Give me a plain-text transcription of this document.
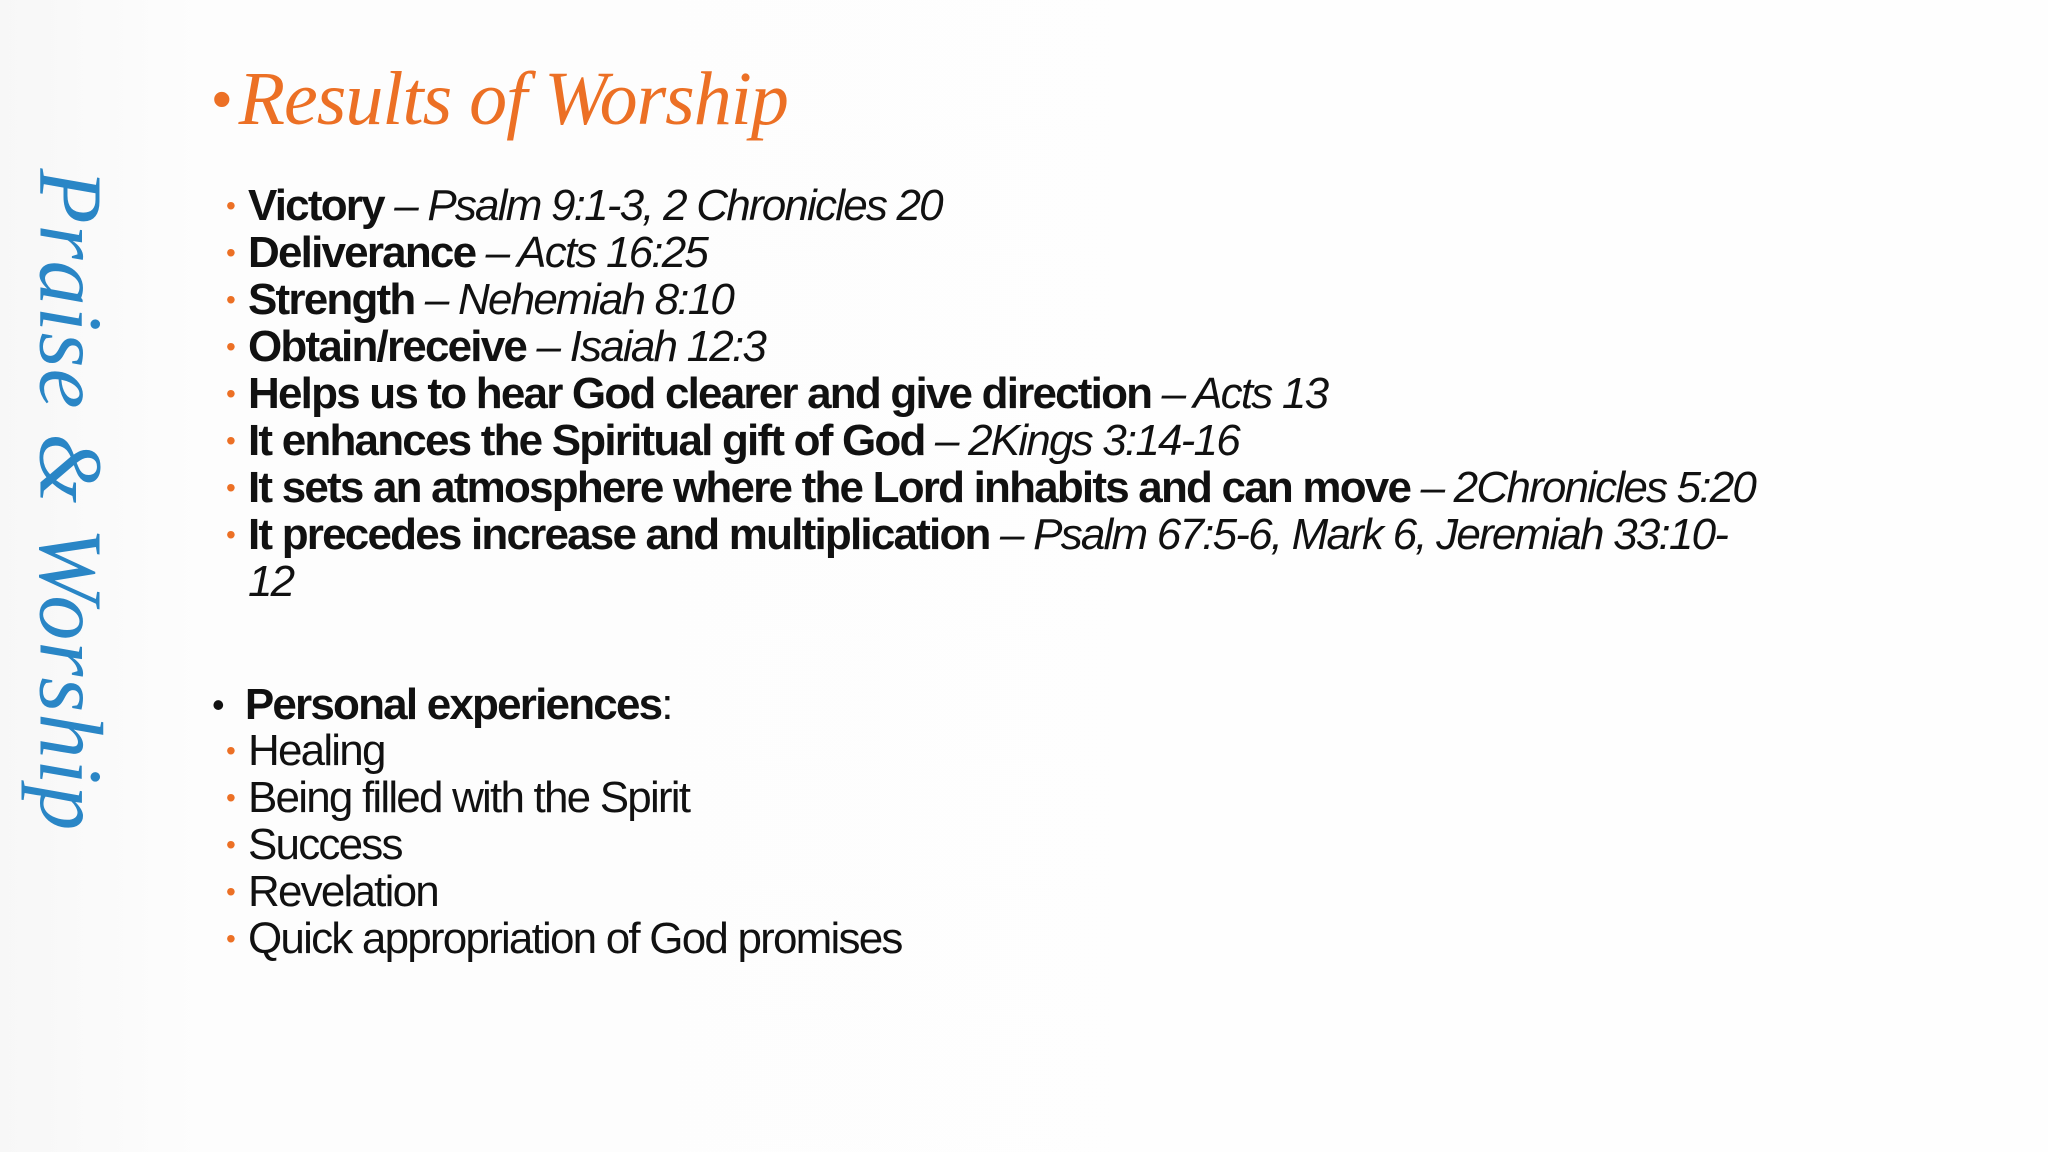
Praise & Worship
• Results of Worship
• Victory – Psalm 9:1-3, 2 Chronicles 20
• Deliverance – Acts 16:25
• Strength – Nehemiah 8:10
• Obtain/receive – Isaiah 12:3
• Helps us to hear God clearer and give direction – Acts 13
• It enhances the Spiritual gift of God – 2Kings 3:14-16
• It sets an atmosphere where the Lord inhabits and can move – 2Chronicles 5:20
• It precedes increase and multiplication – Psalm 67:5-6, Mark 6, Jeremiah 33:10-
12
• Personal experiences:
• Healing
• Being filled with the Spirit
• Success
• Revelation
• Quick appropriation of God promises
